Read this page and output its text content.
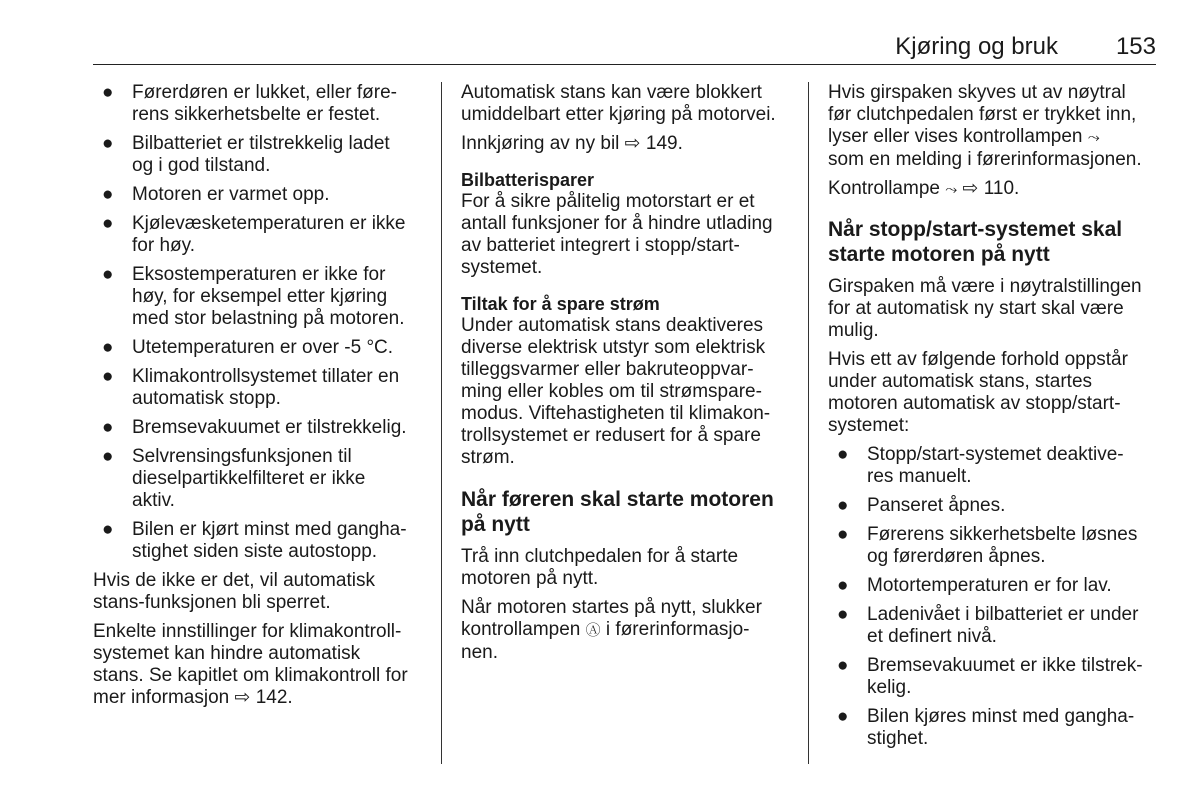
Kjøring og bruk 153
● Førerdøren er lukket, eller føre-
rens sikkerhetsbelte er festet.
● Bilbatteriet er tilstrekkelig ladet
og i god tilstand.
● Motoren er varmet opp.
● Kjølevæsketemperaturen er ikke
for høy.
● Eksostemperaturen er ikke for
høy, for eksempel etter kjøring
med stor belastning på motoren.
● Utetemperaturen er over -5 °C.
● Klimakontrollsystemet tillater en
automatisk stopp.
● Bremsevakuumet er tilstrekkelig.
● Selvrensingsfunksjonen til
dieselpartikkelfilteret er ikke
aktiv.
● Bilen er kjørt minst med gangha-
stighet siden siste autostopp.

Hvis de ikke er det, vil automatisk
stans-funksjonen bli sperret.

Enkelte innstillinger for klimakontroll-
systemet kan hindre automatisk
stans. Se kapitlet om klimakontroll for
mer informasjon ⇨ 142.

Automatisk stans kan være blokkert
umiddelbart etter kjøring på motorvei.

Innkjøring av ny bil ⇨ 149.

Bilbatterisparer

For å sikre pålitelig motorstart er et
antall funksjoner for å hindre utlading
av batteriet integrert i stopp/start-
systemet.

Tiltak for å spare strøm

Under automatisk stans deaktiveres
diverse elektrisk utstyr som elektrisk
tilleggsvarmer eller bakruteoppvar-
ming eller kobles om til strømspare-
modus. Viftehastigheten til klimakon-
trollsystemet er redusert for å spare
strøm.

Når føreren skal starte motoren
på nytt

Trå inn clutchpedalen for å starte
motoren på nytt.

Når motoren startes på nytt, slukker
kontrollampen Ⓐ i førerinformasjo-
nen.

Hvis girspaken skyves ut av nøytral
før clutchpedalen først er trykket inn,
lyser eller vises kontrollampen ⤳
som en melding i førerinformasjonen.

Kontrollampe ⤳ ⇨ 110.

Når stopp/start-systemet skal
starte motoren på nytt

Girspaken må være i nøytralstillingen
for at automatisk ny start skal være
mulig.

Hvis ett av følgende forhold oppstår
under automatisk stans, startes
motoren automatisk av stopp/start-
systemet:

● Stopp/start-systemet deaktive-
res manuelt.
● Panseret åpnes.
● Førerens sikkerhetsbelte løsnes
og førerdøren åpnes.
● Motortemperaturen er for lav.
● Ladenivået i bilbatteriet er under
et definert nivå.
● Bremsevakuumet er ikke tilstrek-
kelig.
● Bilen kjøres minst med gangha-
stighet.
